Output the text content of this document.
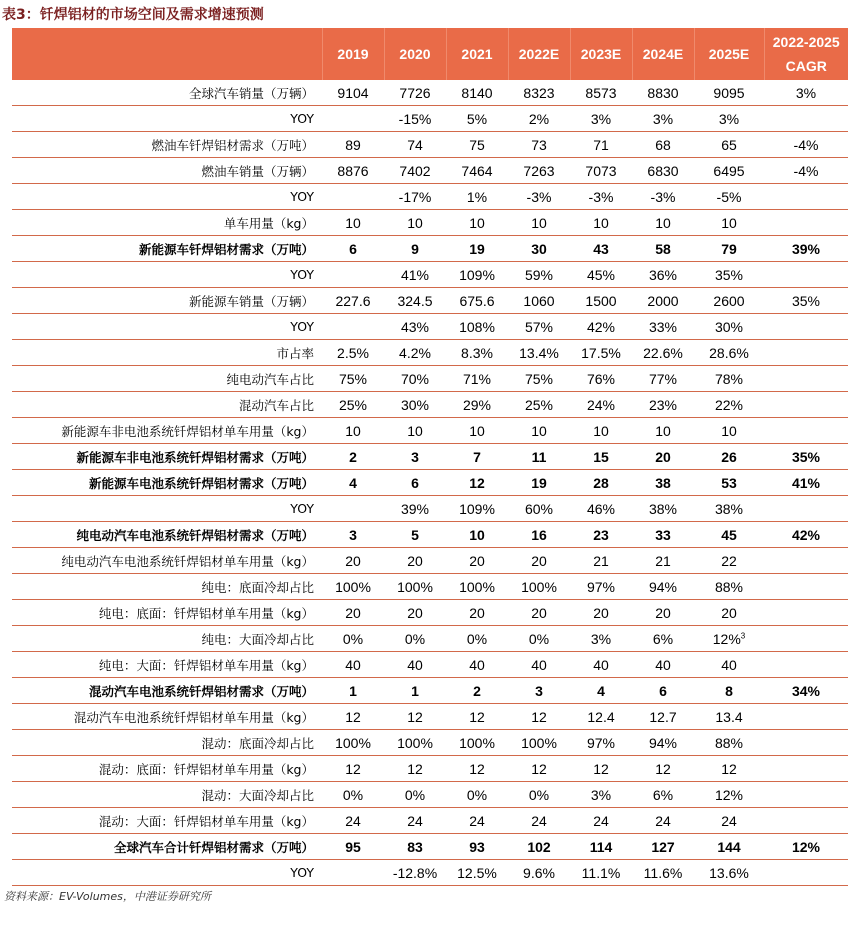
表3：钎焊铝材的市场空间及需求增速预测
	2019	2020	2021	2022E	2023E	2024E	2025E	2022-2025
CAGR

全球汽车销量（万辆）	9104	7726	8140	8323	8573	8830	9095	3%
YOY		-15%	5%	2%	3%	3%	3%	
燃油车钎焊铝材需求（万吨）	89	74	75	73	71	68	65	-4%
燃油车销量（万辆）	8876	7402	7464	7263	7073	6830	6495	-4%
YOY		-17%	1%	-3%	-3%	-3%	-5%	
单车用量（kg）	10	10	10	10	10	10	10	
新能源车钎焊铝材需求（万吨）	6	9	19	30	43	58	79	39%
YOY		41%	109%	59%	45%	36%	35%	
新能源车销量（万辆）	227.6	324.5	675.6	1060	1500	2000	2600	35%
YOY		43%	108%	57%	42%	33%	30%	
市占率	2.5%	4.2%	8.3%	13.4%	17.5%	22.6%	28.6%	
纯电动汽车占比	75%	70%	71%	75%	76%	77%	78%	
混动汽车占比	25%	30%	29%	25%	24%	23%	22%	
新能源车非电池系统钎焊铝材单车用量（kg）	10	10	10	10	10	10	10	
新能源车非电池系统钎焊铝材需求（万吨）	2	3	7	11	15	20	26	35%
新能源车电池系统钎焊铝材需求（万吨）	4	6	12	19	28	38	53	41%
YOY		39%	109%	60%	46%	38%	38%	
纯电动汽车电池系统钎焊铝材需求（万吨）	3	5	10	16	23	33	45	42%
纯电动汽车电池系统钎焊铝材单车用量（kg）	20	20	20	20	21	21	22	
纯电：底面冷却占比	100%	100%	100%	100%	97%	94%	88%	
纯电：底面：钎焊铝材单车用量（kg）	20	20	20	20	20	20	20	
纯电：大面冷却占比	0%	0%	0%	0%	3%	6%	12%$^3$	
纯电：大面：钎焊铝材单车用量（kg）	40	40	40	40	40	40	40	
混动汽车电池系统钎焊铝材需求（万吨）	1	1	2	3	4	6	8	34%
混动汽车电池系统钎焊铝材单车用量（kg）	12	12	12	12	12.4	12.7	13.4	
混动：底面冷却占比	100%	100%	100%	100%	97%	94%	88%	
混动：底面：钎焊铝材单车用量（kg）	12	12	12	12	12	12	12	
混动：大面冷却占比	0%	0%	0%	0%	3%	6%	12%	
混动：大面：钎焊铝材单车用量（kg）	24	24	24	24	24	24	24	
全球汽车合计钎焊铝材需求（万吨）	95	83	93	102	114	127	144	12%
YOY		-12.8%	12.5%	9.6%	11.1%	11.6%	13.6%	
资料来源：EV-Volumes，中港证券研究所
